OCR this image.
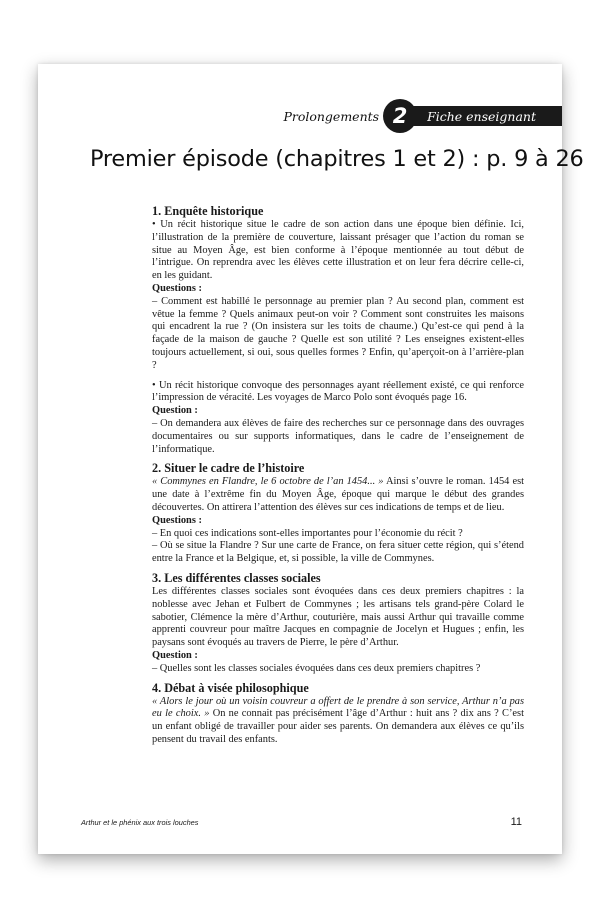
Prolongements 2	Fiche enseignant
Premier épisode (chapitres 1 et 2) : p. 9 à 26
1. Enquête historique

• Un récit historique situe le cadre de son action dans une époque bien définie. Ici, l’illustration de la première de couverture, laissant présager que l’action du roman se situe au Moyen Âge, est bien conforme à l’époque mentionnée au tout début de l’intrigue. On reprendra avec les élèves cette illustration et on leur fera décrire celle-ci, en les guidant.

Questions :

– Comment est habillé le personnage au premier plan ? Au second plan, comment est vêtue la femme ? Quels animaux peut-on voir ? Comment sont construites les maisons qui encadrent la rue ? (On insistera sur les toits de chaume.) Qu’est-ce qui pend à la façade de la maison de gauche ? Quelle est son utilité ? Les enseignes existent-elles toujours actuellement, si oui, sous quelles formes ? Enfin, qu’aperçoit-on à l’arrière-plan ?

• Un récit historique convoque des personnages ayant réellement existé, ce qui renforce l’impression de véracité. Les voyages de Marco Polo sont évoqués page 16.

Question :

– On demandera aux élèves de faire des recherches sur ce personnage dans des ouvrages documentaires ou sur supports informatiques, dans le cadre de l’enseignement de l’informatique.

2. Situer le cadre de l’histoire

« Commynes en Flandre, le 6 octobre de l’an 1454... » Ainsi s’ouvre le roman. 1454 est une date à l’extrême fin du Moyen Âge, époque qui marque le début des grandes découvertes. On attirera l’attention des élèves sur ces indications de temps et de lieu.

Questions :

– En quoi ces indications sont-elles importantes pour l’économie du récit ?

– Où se situe la Flandre ? Sur une carte de France, on fera situer cette région, qui s’étend entre la France et la Belgique, et, si possible, la ville de Commynes.

3. Les différentes classes sociales

Les différentes classes sociales sont évoquées dans ces deux premiers chapitres : la noblesse avec Jehan et Fulbert de Commynes ; les artisans tels grand-père Colard le sabotier, Clémence la mère d’Arthur, couturière, mais aussi Arthur qui travaille comme apprenti couvreur pour maître Jacques en compagnie de Jocelyn et Hugues ; enfin, les paysans sont évoqués au travers de Pierre, le père d’Arthur.

Question :

– Quelles sont les classes sociales évoquées dans ces deux premiers chapitres ?

4. Débat à visée philosophique

« Alors le jour où un voisin couvreur a offert de le prendre à son service, Arthur n’a pas eu le choix. » On ne connait pas précisément l’âge d’Arthur : huit ans ? dix ans ? C’est un enfant obligé de travailler pour aider ses parents. On demandera aux élèves ce qu’ils pensent du travail des enfants.

Arthur et le phénix aux trois louches	11
